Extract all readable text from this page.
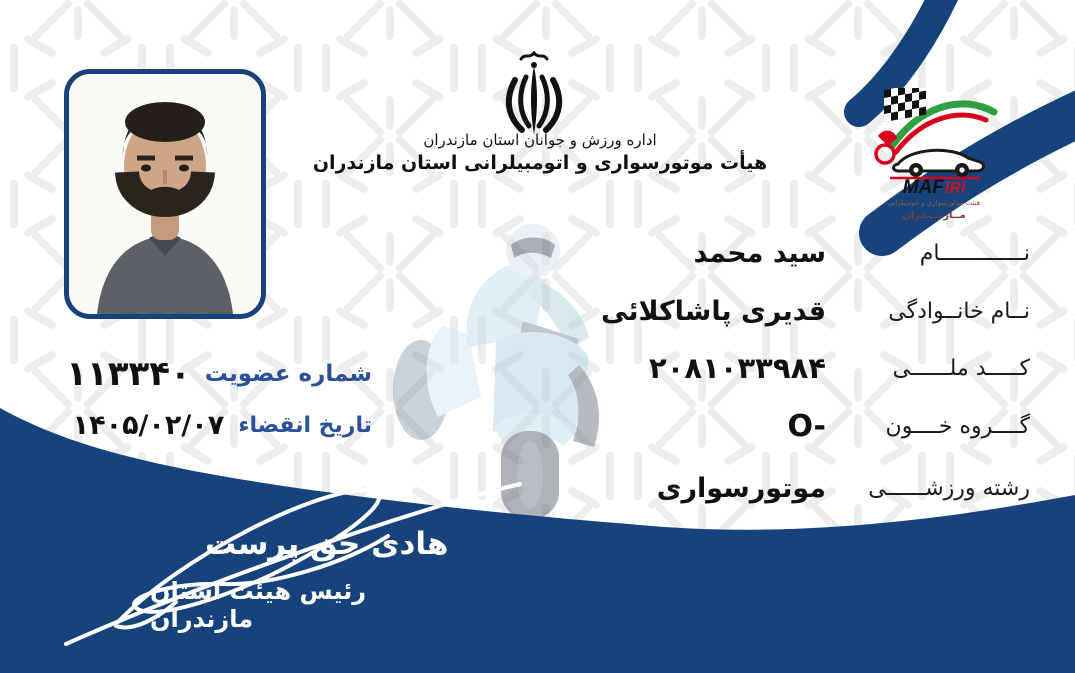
اداره ورزش و جوانان استان مازندران
هیأت موتورسواری و اتومبیلرانی استان مازندران
MAFIRI
هیئت موتورسواری و اتومبیلرانی
مــازنــــدران
نـــــــــــــام
سید محمد
نــام خانــوادگی
قدیری پاشاکلائی
کـــــد ملــــــی
۲۰۸۱۰۳۳۹۸۴
گــــروه خــــون
O-
رشته ورزشــــــی
موتورسواری
شماره عضویت
۱۱۳۳۴۰
تاریخ انقضاء
۱۴۰۵/۰۲/۰۷
هادی حق پرست
رئیس هیئت استان مازندران
